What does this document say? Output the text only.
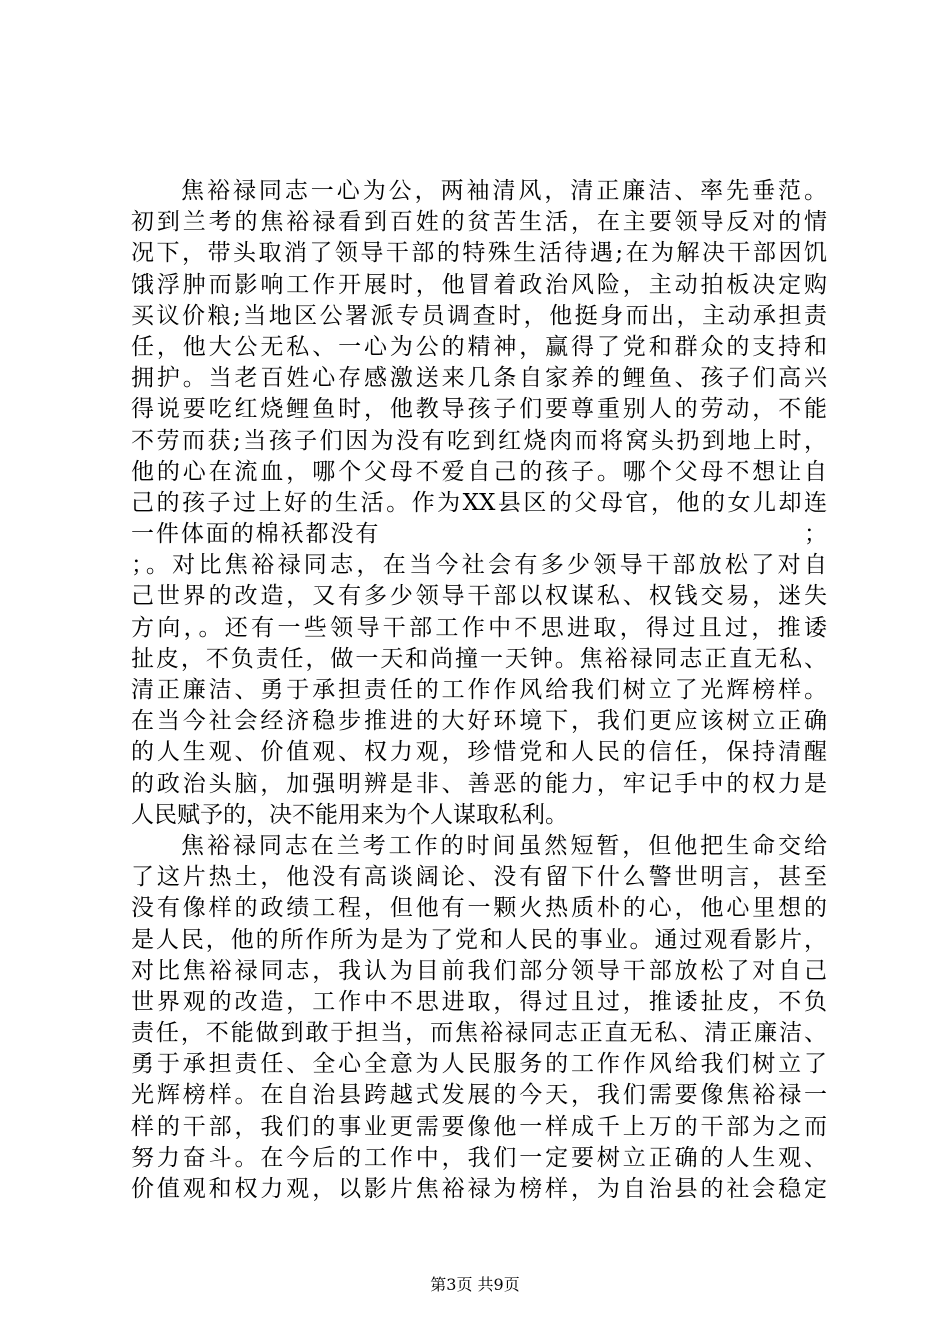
焦裕禄同志一心为公，两袖清风，清正廉洁、率先垂范。
初到兰考的焦裕禄看到百姓的贫苦生活，在主要领导反对的情
况下，带头取消了领导干部的特殊生活待遇;在为解决干部因饥
饿浮肿而影响工作开展时，他冒着政治风险，主动拍板决定购
买议价粮;当地区公署派专员调查时，他挺身而出，主动承担责
任，他大公无私、一心为公的精神，赢得了党和群众的支持和
拥护。当老百姓心存感激送来几条自家养的鲤鱼、孩子们高兴
得说要吃红烧鲤鱼时，他教导孩子们要尊重别人的劳动，不能
不劳而获;当孩子们因为没有吃到红烧肉而将窝头扔到地上时，
他的心在流血，哪个父母不爱自己的孩子。哪个父母不想让自
己的孩子过上好的生活。作为XX县区的父母官，他的女儿却连
一件体面的棉袄都没有　　　　　　　　　　　　　　　　　；
；。对比焦裕禄同志，在当今社会有多少领导干部放松了对自
己世界的改造，又有多少领导干部以权谋私、权钱交易，迷失
方向，。还有一些领导干部工作中不思进取，得过且过，推诿
扯皮，不负责任，做一天和尚撞一天钟。焦裕禄同志正直无私、
清正廉洁、勇于承担责任的工作作风给我们树立了光辉榜样。
在当今社会经济稳步推进的大好环境下，我们更应该树立正确
的人生观、价值观、权力观，珍惜党和人民的信任，保持清醒
的政治头脑，加强明辨是非、善恶的能力，牢记手中的权力是
人民赋予的，决不能用来为个人谋取私利。
焦裕禄同志在兰考工作的时间虽然短暂，但他把生命交给
了这片热土，他没有高谈阔论、没有留下什么警世明言，甚至
没有像样的政绩工程，但他有一颗火热质朴的心，他心里想的
是人民，他的所作所为是为了党和人民的事业。通过观看影片，
对比焦裕禄同志，我认为目前我们部分领导干部放松了对自己
世界观的改造，工作中不思进取，得过且过，推诿扯皮，不负
责任，不能做到敢于担当，而焦裕禄同志正直无私、清正廉洁、
勇于承担责任、全心全意为人民服务的工作作风给我们树立了
光辉榜样。在自治县跨越式发展的今天，我们需要像焦裕禄一
样的干部，我们的事业更需要像他一样成千上万的干部为之而
努力奋斗。在今后的工作中，我们一定要树立正确的人生观、
价值观和权力观，以影片焦裕禄为榜样，为自治县的社会稳定
第3页 共9页
